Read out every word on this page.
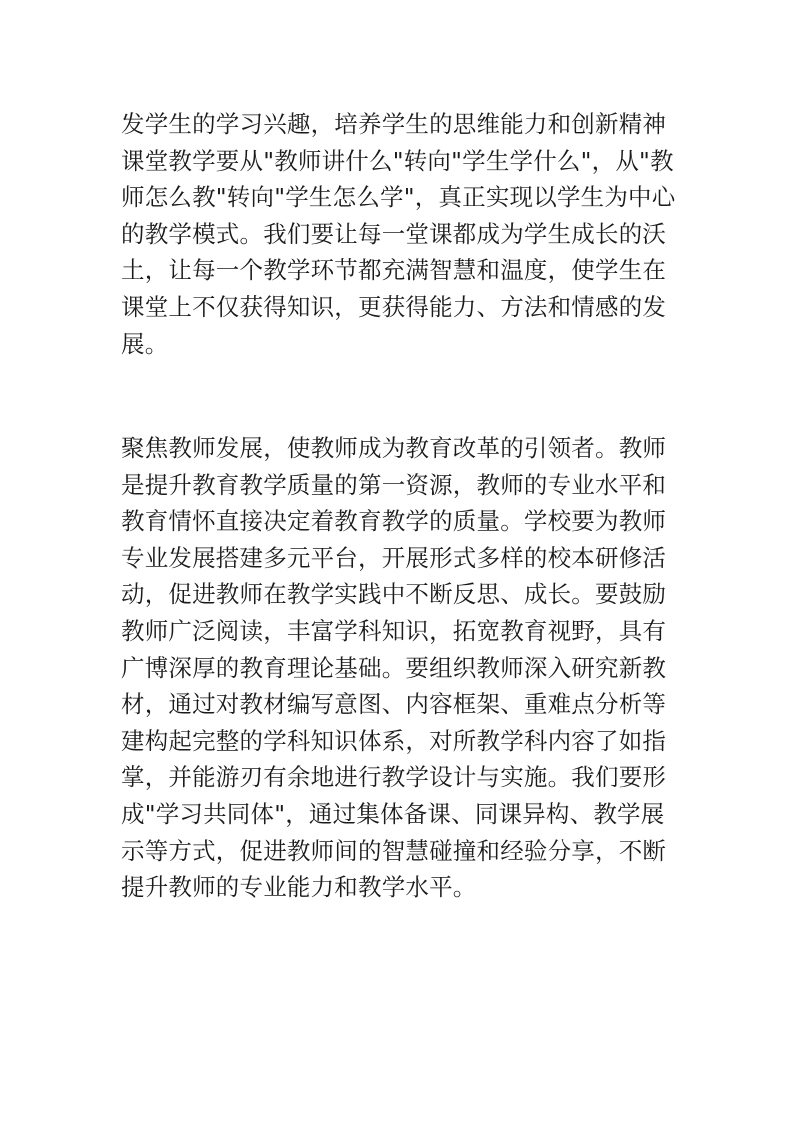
发学生的学习兴趣，培养学生的思维能力和创新精神
课堂教学要从"教师讲什么"转向"学生学什么"，从"教
师怎么教"转向"学生怎么学"，真正实现以学生为中心
的教学模式。我们要让每一堂课都成为学生成长的沃
土，让每一个教学环节都充满智慧和温度，使学生在
课堂上不仅获得知识，更获得能力、方法和情感的发
展。
聚焦教师发展，使教师成为教育改革的引领者。教师
是提升教育教学质量的第一资源，教师的专业水平和
教育情怀直接决定着教育教学的质量。学校要为教师
专业发展搭建多元平台，开展形式多样的校本研修活
动，促进教师在教学实践中不断反思、成长。要鼓励
教师广泛阅读，丰富学科知识，拓宽教育视野，具有
广博深厚的教育理论基础。要组织教师深入研究新教
材，通过对教材编写意图、内容框架、重难点分析等
建构起完整的学科知识体系，对所教学科内容了如指
掌，并能游刃有余地进行教学设计与实施。我们要形
成"学习共同体"，通过集体备课、同课异构、教学展
示等方式，促进教师间的智慧碰撞和经验分享，不断
提升教师的专业能力和教学水平。
